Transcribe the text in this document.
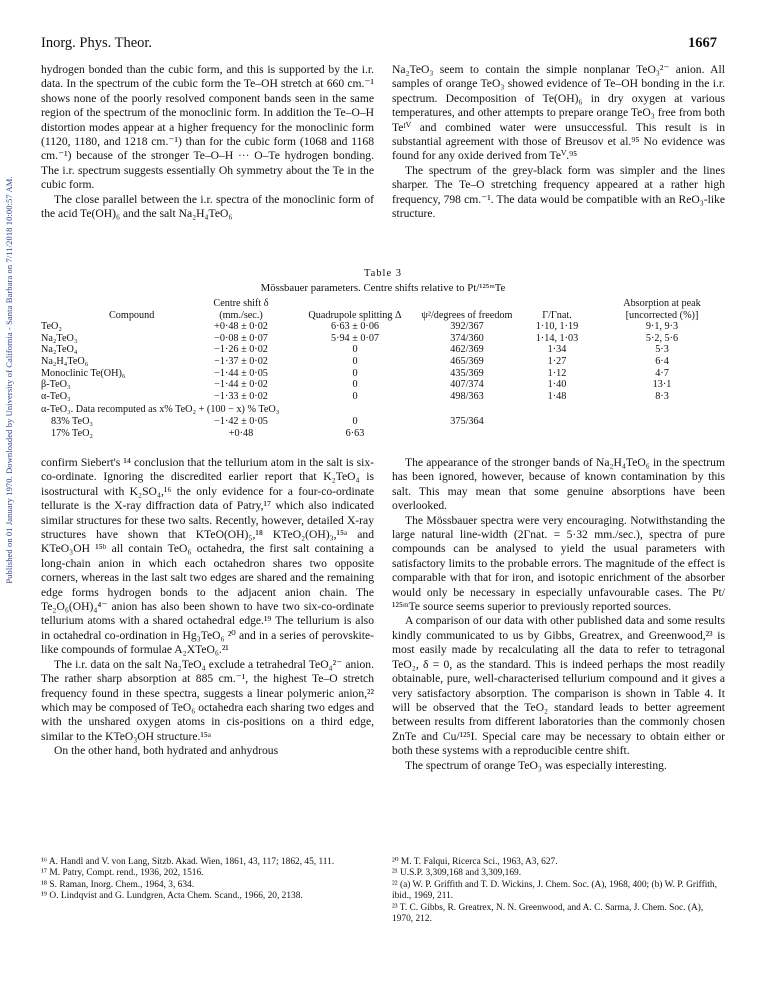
Published on 01 January 1970. Downloaded by University of California - Santa Barbara on 7/11/2018 10:00:57 AM.
Inorg. Phys. Theor.	1667

hydrogen bonded than the cubic form, and this is supported by the i.r. data. In the spectrum of the cubic form the Te–OH stretch at 660 cm.⁻¹ shows none of the poorly resolved component bands seen in the same region of the spectrum of the monoclinic form. In addition the Te–O–H distortion modes appear at a higher frequency for the monoclinic form (1120, 1180, and 1218 cm.⁻¹) than for the cubic form (1068 and 1168 cm.⁻¹) because of the stronger Te–O–H ··· O–Te hydrogen bonding. The i.r. spectrum suggests essentially Oh symmetry about the Te in the cubic form.

The close parallel between the i.r. spectra of the monoclinic form of the acid Te(OH)₆ and the salt Na₂H₄TeO₆

Na₂TeO₃ seem to contain the simple nonplanar TeO₃²⁻ anion. All samples of orange TeO₃ showed evidence of Te–OH bonding in the i.r. spectrum. Decomposition of Te(OH)₆ in dry oxygen at various temperatures, and other attempts to prepare orange TeO₃ free from both Teᴵⱽ and combined water were unsuccessful. This result is in substantial agreement with those of Breusov et al.⁹⁵ No evidence was found for any oxide derived from Teⱽ.⁹⁵

The spectrum of the grey-black form was simpler and the lines sharper. The Te–O stretching frequency appeared at a rather high frequency, 798 cm.⁻¹. The data would be compatible with an ReO₃-like structure.

Table 3
Mössbauer parameters. Centre shifts relative to Pt/¹²⁵ᵐTe
Compound	Centre shift δ (mm./sec.)	Quadrupole splitting Δ	ψ²/degrees of freedom	Γ/Γnat.	Absorption at peak [uncorrected (%)]
TeO₂	+0·48 ± 0·02	6·63 ± 0·06	392/367	1·10, 1·19	9·1, 9·3
Na₂TeO₃	−0·08 ± 0·07	5·94 ± 0·07	374/360	1·14, 1·03	5·2, 5·6
Na₂TeO₄	−1·26 ± 0·02	0	462/369	1·34	5·3
Na₂H₄TeO₆	−1·37 ± 0·02	0	465/369	1·27	6·4
Monoclinic Te(OH)₆	−1·44 ± 0·05	0	435/369	1·12	4·7
β-TeO₃	−1·44 ± 0·02	0	407/374	1·40	13·1
α-TeO₃	−1·33 ± 0·02	0	498/363	1·48	8·3
α-TeO₃. Data recomputed as x% TeO₂ + (100 − x) % TeO₃					
83% TeO₃	−1·42 ± 0·05	0	375/364		
17% TeO₂	+0·48	6·63			

confirm Siebert's ¹⁴ conclusion that the tellurium atom in the salt is six-co-ordinate. Ignoring the discredited earlier report that K₂TeO₄ is isostructural with K₂SO₄,¹⁶ the only evidence for a four-co-ordinate tellurate is the X-ray diffraction data of Patry,¹⁷ which also indicated similar structures for these two salts. Recently, however, detailed X-ray structures have shown that KTeO(OH)₅,¹⁸ KTeO₂(OH)₃,¹⁵ᵃ and KTeO₃OH ¹⁵ᵇ all contain TeO₆ octahedra, the first salt containing a long-chain anion in which each octahedron shares two opposite corners, whereas in the last salt two edges are shared and the remaining edge forms hydrogen bonds to the adjacent anion chain. The Te₂O₆(OH)₄⁴⁻ anion has also been shown to have two six-co-ordinate tellurium atoms with a shared octahedral edge.¹⁹ The tellurium is also in octahedral co-ordination in Hg₃TeO₆ ²⁰ and in a series of perovskite-like compounds of formulae A₂XTeO₆.²¹

The i.r. data on the salt Na₂TeO₄ exclude a tetrahedral TeO₄²⁻ anion. The rather sharp absorption at 885 cm.⁻¹, the highest Te–O stretch frequency found in these spectra, suggests a linear polymeric anion,²² which may be composed of TeO₆ octahedra each sharing two edges and with the unshared oxygen atoms in cis-positions on a third edge, similar to the KTeO₃OH structure.¹⁵ᵃ

On the other hand, both hydrated and anhydrous

The appearance of the stronger bands of Na₂H₄TeO₆ in the spectrum has been ignored, however, because of known contamination by this salt. This may mean that some genuine absorptions have been overlooked.

The Mössbauer spectra were very encouraging. Notwithstanding the large natural line-width (2Γnat. = 5·32 mm./sec.), spectra of pure compounds can be analysed to yield the usual parameters with satisfactory limits to the probable errors. The magnitude of the effect is comparable with that for iron, and isotopic enrichment of the absorber would only be necessary in especially unfavourable cases. The Pt/¹²⁵ᵐTe source seems superior to previously reported sources.

A comparison of our data with other published data and some results kindly communicated to us by Gibbs, Greatrex, and Greenwood,²³ is most easily made by recalculating all the data to refer to tetragonal TeO₂, δ = 0, as the standard. This is indeed perhaps the most readily obtainable, pure, well-characterised tellurium compound and it gives a very satisfactory absorption. The comparison is shown in Table 4. It will be observed that the TeO₂ standard leads to better agreement between results from different laboratories than the commonly chosen ZnTe and Cu/¹²⁵I. Special care may be necessary to obtain either or both these systems with a reproducible centre shift.

The spectrum of orange TeO₃ was especially interesting.

¹⁶ A. Handl and V. von Lang, Sitzb. Akad. Wien, 1861, 43, 117; 1862, 45, 111.
¹⁷ M. Patry, Compt. rend., 1936, 202, 1516.
¹⁸ S. Raman, Inorg. Chem., 1964, 3, 634.
¹⁹ O. Lindqvist and G. Lundgren, Acta Chem. Scand., 1966, 20, 2138.
²⁰ M. T. Falqui, Ricerca Sci., 1963, A3, 627.
²¹ U.S.P. 3,309,168 and 3,309,169.
²² (a) W. P. Griffith and T. D. Wickins, J. Chem. Soc. (A), 1968, 400; (b) W. P. Griffith, ibid., 1969, 211.
²³ T. C. Gibbs, R. Greatrex, N. N. Greenwood, and A. C. Sarma, J. Chem. Soc. (A), 1970, 212.
